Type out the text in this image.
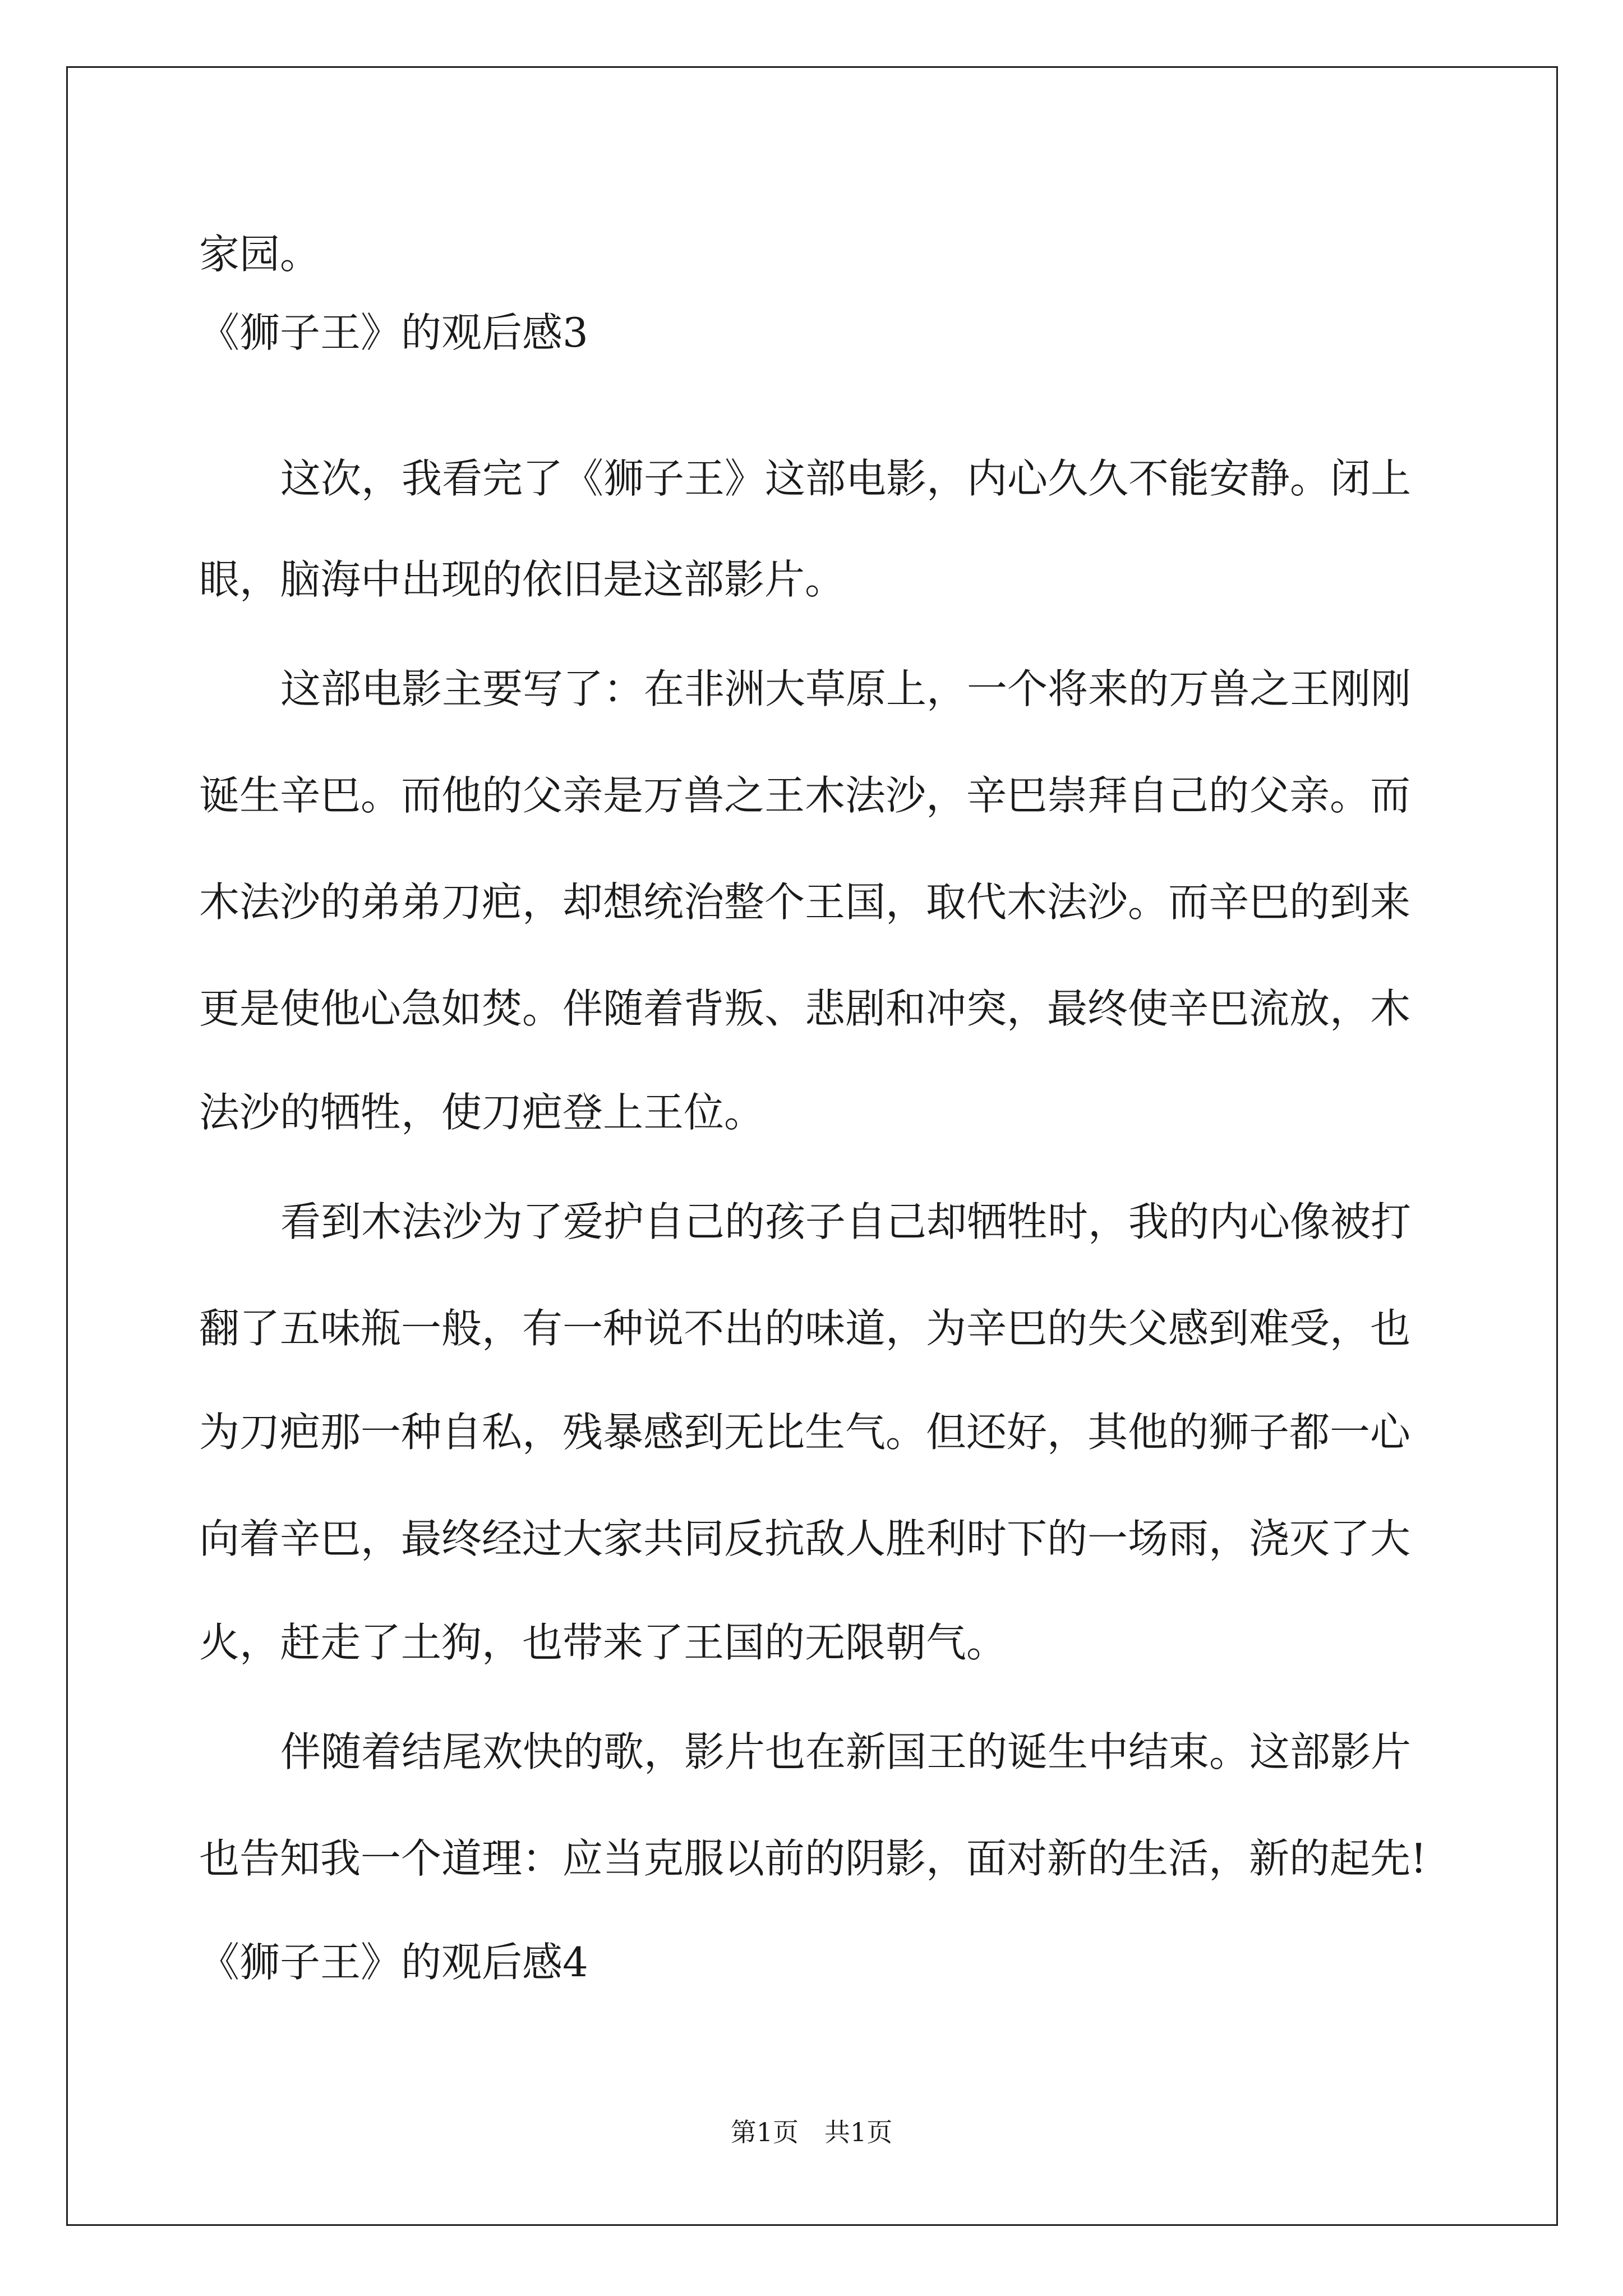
家园。
《狮子王》的观后感3
这次，我看完了《狮子王》这部电影，内心久久不能安静。闭上
眼，脑海中出现的依旧是这部影片。
这部电影主要写了：在非洲大草原上，一个将来的万兽之王刚刚
诞生辛巴。而他的父亲是万兽之王木法沙，辛巴崇拜自己的父亲。而
木法沙的弟弟刀疤，却想统治整个王国，取代木法沙。而辛巴的到来
更是使他心急如焚。伴随着背叛、悲剧和冲突，最终使辛巴流放，木
法沙的牺牲，使刀疤登上王位。
看到木法沙为了爱护自己的孩子自己却牺牲时，我的内心像被打
翻了五味瓶一般，有一种说不出的味道，为辛巴的失父感到难受，也
为刀疤那一种自私，残暴感到无比生气。但还好，其他的狮子都一心
向着辛巴，最终经过大家共同反抗敌人胜利时下的一场雨，浇灭了大
火，赶走了土狗，也带来了王国的无限朝气。
伴随着结尾欢快的歌，影片也在新国王的诞生中结束。这部影片
也告知我一个道理：应当克服以前的阴影，面对新的生活，新的起先!
《狮子王》的观后感4
第1页　共1页
